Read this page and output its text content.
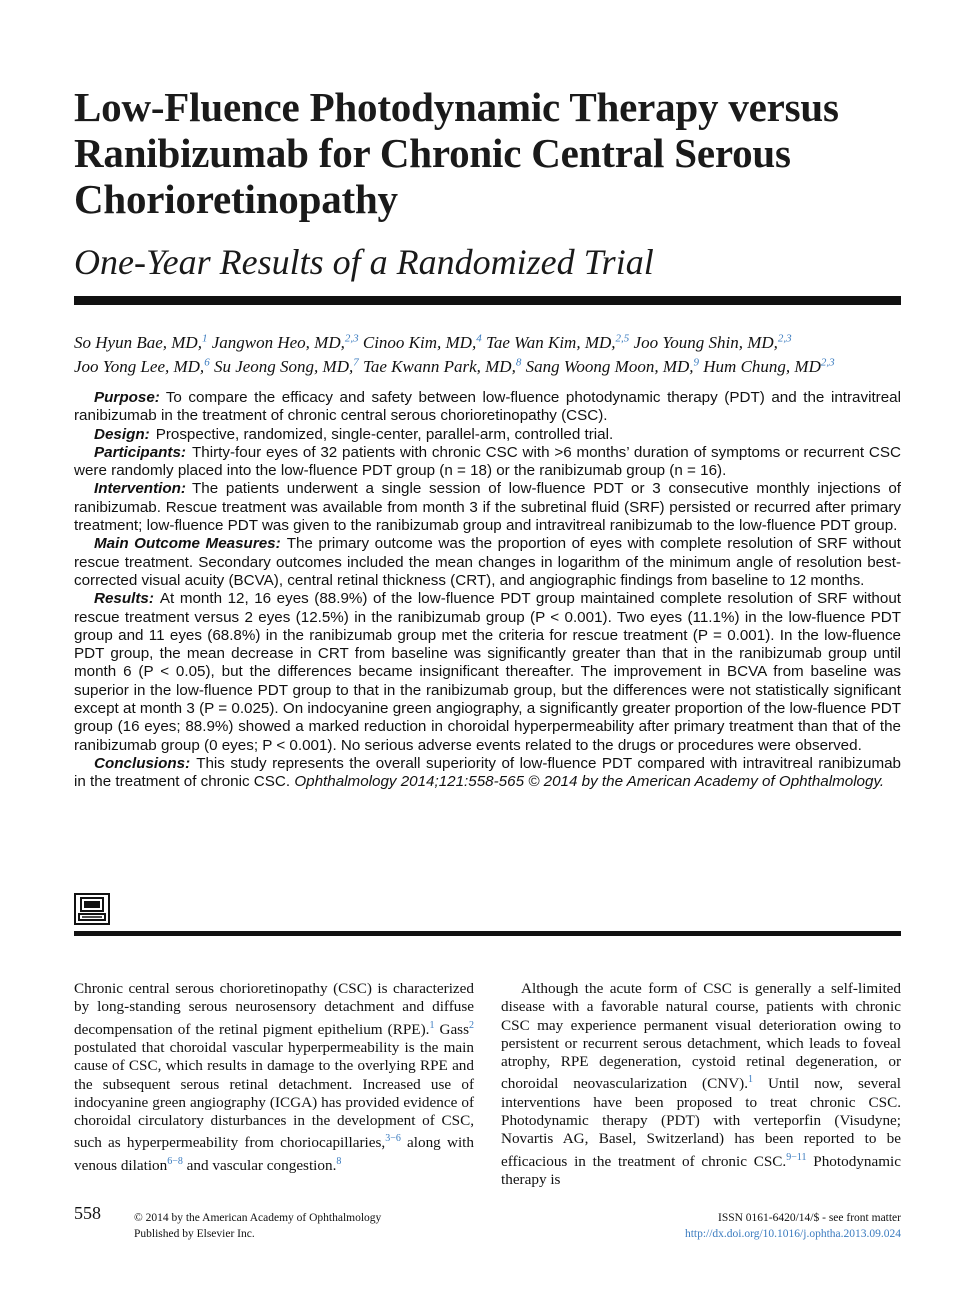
Low-Fluence Photodynamic Therapy versus Ranibizumab for Chronic Central Serous Chorioretinopathy
One-Year Results of a Randomized Trial
So Hyun Bae, MD,$^1$ Jangwon Heo, MD,$^{2,3}$ Cinoo Kim, MD,$^4$ Tae Wan Kim, MD,$^{2,5}$ Joo Young Shin, MD,$^{2,3}$
Joo Yong Lee, MD,$^6$ Su Jeong Song, MD,$^7$ Tae Kwann Park, MD,$^8$ Sang Woong Moon, MD,$^9$ Hum Chung, MD$^{2,3}$

Purpose: To compare the efficacy and safety between low-fluence photodynamic therapy (PDT) and the intravitreal ranibizumab in the treatment of chronic central serous chorioretinopathy (CSC).

Design: Prospective, randomized, single-center, parallel-arm, controlled trial.

Participants: Thirty-four eyes of 32 patients with chronic CSC with >6 months’ duration of symptoms or recurrent CSC were randomly placed into the low-fluence PDT group (n = 18) or the ranibizumab group (n = 16).

Intervention: The patients underwent a single session of low-fluence PDT or 3 consecutive monthly injections of ranibizumab. Rescue treatment was available from month 3 if the subretinal fluid (SRF) persisted or recurred after primary treatment; low-fluence PDT was given to the ranibizumab group and intravitreal ranibizumab to the low-fluence PDT group.

Main Outcome Measures: The primary outcome was the proportion of eyes with complete resolution of SRF without rescue treatment. Secondary outcomes included the mean changes in logarithm of the minimum angle of resolution best-corrected visual acuity (BCVA), central retinal thickness (CRT), and angiographic findings from baseline to 12 months.

Results: At month 12, 16 eyes (88.9%) of the low-fluence PDT group maintained complete resolution of SRF without rescue treatment versus 2 eyes (12.5%) in the ranibizumab group (P < 0.001). Two eyes (11.1%) in the low-fluence PDT group and 11 eyes (68.8%) in the ranibizumab group met the criteria for rescue treatment (P = 0.001). In the low-fluence PDT group, the mean decrease in CRT from baseline was significantly greater than that in the ranibizumab group until month 6 (P < 0.05), but the differences became insignificant thereafter. The improvement in BCVA from baseline was superior in the low-fluence PDT group to that in the ranibizumab group, but the differences were not statistically significant except at month 3 (P = 0.025). On indocyanine green angiography, a significantly greater proportion of the low-fluence PDT group (16 eyes; 88.9%) showed a marked reduction in choroidal hyperpermeability after primary treatment than that of the ranibizumab group (0 eyes; P < 0.001). No serious adverse events related to the drugs or procedures were observed.

Conclusions: This study represents the overall superiority of low-fluence PDT compared with intravitreal ranibizumab in the treatment of chronic CSC. Ophthalmology 2014;121:558-565 © 2014 by the American Academy of Ophthalmology.

Chronic central serous chorioretinopathy (CSC) is characterized by long-standing serous neurosensory detachment and diffuse decompensation of the retinal pigment epithelium (RPE).$^1$ Gass$^2$ postulated that choroidal vascular hyperpermeability is the main cause of CSC, which results in damage to the overlying RPE and the subsequent serous retinal detachment. Increased use of indocyanine green angiography (ICGA) has provided evidence of choroidal circulatory disturbances in the development of CSC, such as hyperpermeability from choriocapillaries,$^{3-6}$ along with venous dilation$^{6-8}$ and vascular congestion.$^8$

Although the acute form of CSC is generally a self-limited disease with a favorable natural course, patients with chronic CSC may experience permanent visual deterioration owing to persistent or recurrent serous detachment, which leads to foveal atrophy, RPE degeneration, cystoid retinal degeneration, or choroidal neovascularization (CNV).$^1$ Until now, several interventions have been proposed to treat chronic CSC. Photodynamic therapy (PDT) with verteporfin (Visudyne; Novartis AG, Basel, Switzerland) has been reported to be efficacious in the treatment of chronic CSC.$^{9-11}$ Photodynamic therapy is

558	© 2014 by the American Academy of Ophthalmology
Published by Elsevier Inc.
ISSN 0161-6420/14/$ - see front matter
http://dx.doi.org/10.1016/j.ophtha.2013.09.024
